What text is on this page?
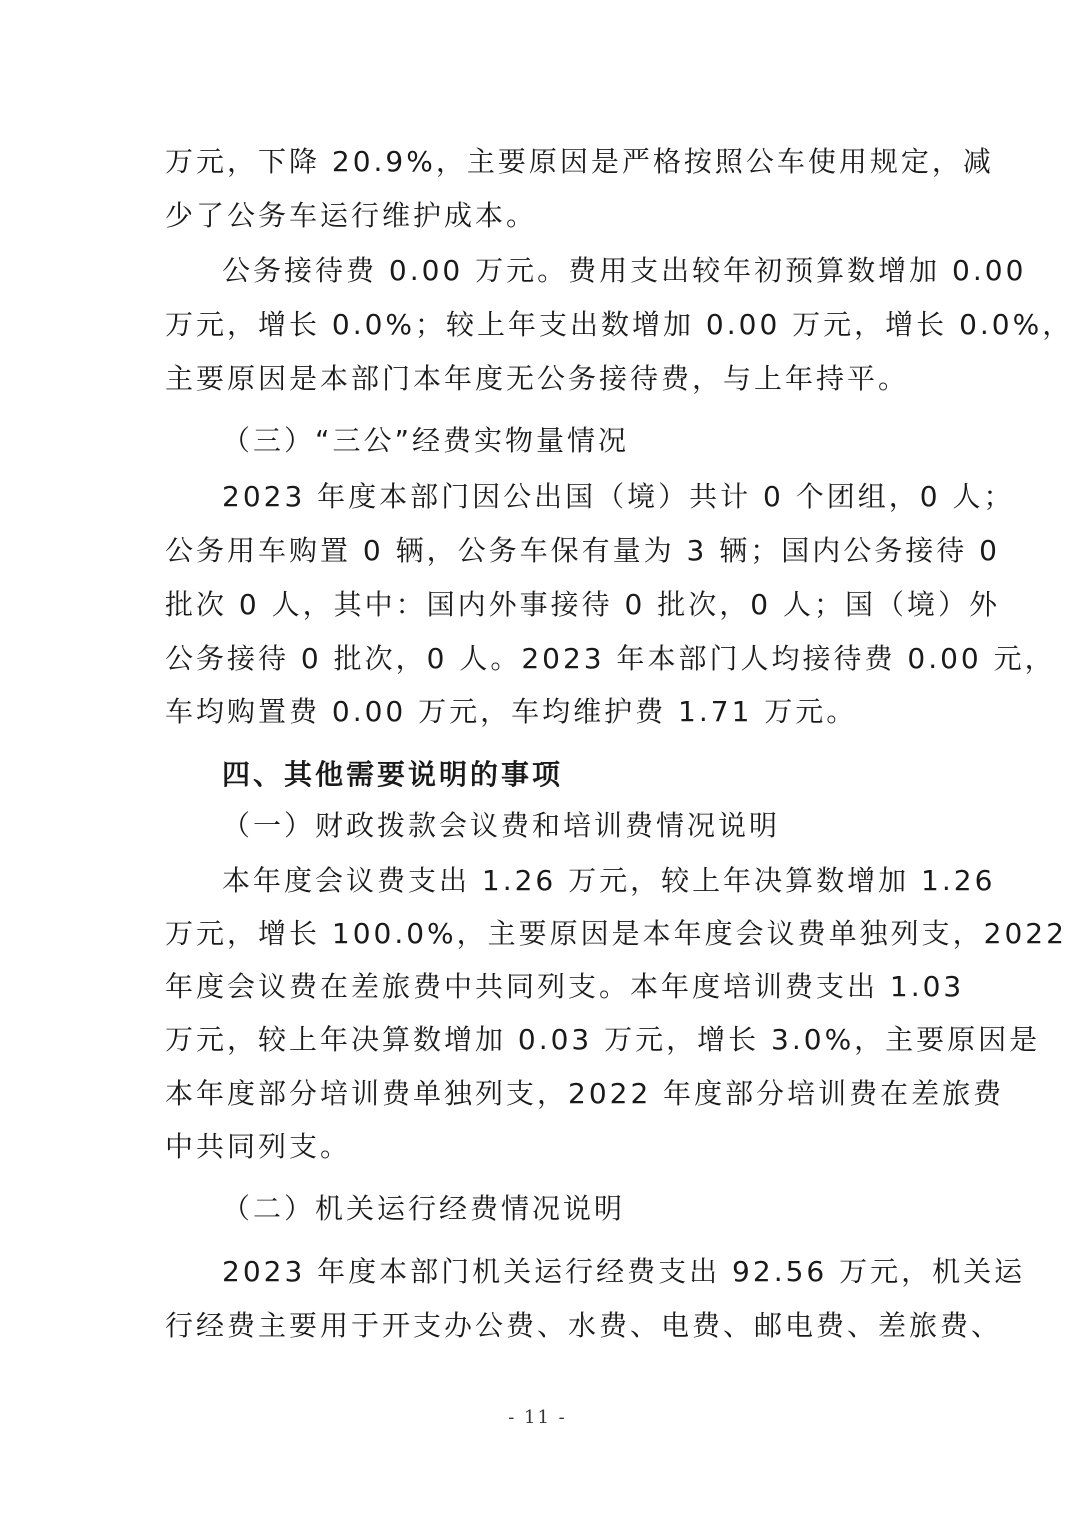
万元，下降 20.9%，主要原因是严格按照公车使用规定，减
少了公务车运行维护成本。
公务接待费 0.00 万元。费用支出较年初预算数增加 0.00
万元，增长 0.0%；较上年支出数增加 0.00 万元，增长 0.0%，
主要原因是本部门本年度无公务接待费，与上年持平。
（三）“三公”经费实物量情况
2023 年度本部门因公出国（境）共计 0 个团组，0 人；
公务用车购置 0 辆，公务车保有量为 3 辆；国内公务接待 0
批次 0 人，其中：国内外事接待 0 批次，0 人；国（境）外
公务接待 0 批次，0 人。2023 年本部门人均接待费 0.00 元，
车均购置费 0.00 万元，车均维护费 1.71 万元。
四、其他需要说明的事项
（一）财政拨款会议费和培训费情况说明
本年度会议费支出 1.26 万元，较上年决算数增加 1.26
万元，增长 100.0%，主要原因是本年度会议费单独列支，2022
年度会议费在差旅费中共同列支。本年度培训费支出 1.03
万元，较上年决算数增加 0.03 万元，增长 3.0%，主要原因是
本年度部分培训费单独列支，2022 年度部分培训费在差旅费
中共同列支。
（二）机关运行经费情况说明
2023 年度本部门机关运行经费支出 92.56 万元，机关运
行经费主要用于开支办公费、水费、电费、邮电费、差旅费、
- 11 -
